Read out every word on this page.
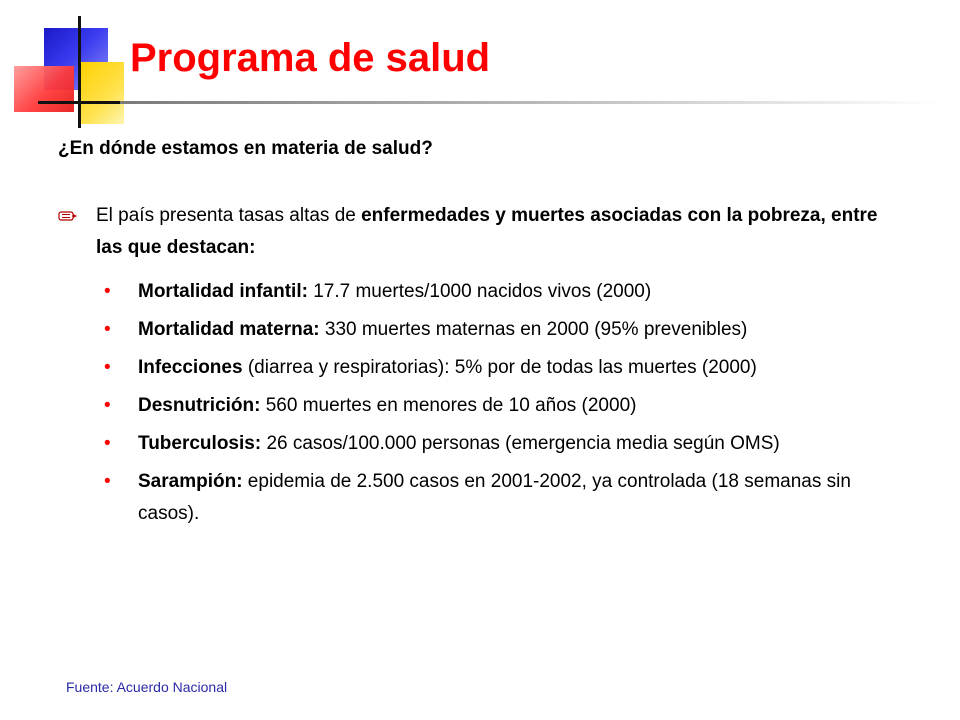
Programa de salud

¿En dónde estamos en materia de salud?

El país presenta tasas altas de enfermedades y muertes asociadas con la pobreza, entre las que destacan:
• Mortalidad infantil: 17.7 muertes/1000 nacidos vivos (2000)
• Mortalidad materna: 330 muertes maternas en 2000 (95% prevenibles)
• Infecciones (diarrea y respiratorias): 5% por de todas las muertes (2000)
• Desnutrición: 560 muertes en menores de 10 años (2000)
• Tuberculosis: 26 casos/100.000 personas (emergencia media según OMS)
• Sarampión: epidemia de 2.500 casos en 2001-2002, ya controlada (18 semanas sin casos).
Fuente: Acuerdo Nacional
